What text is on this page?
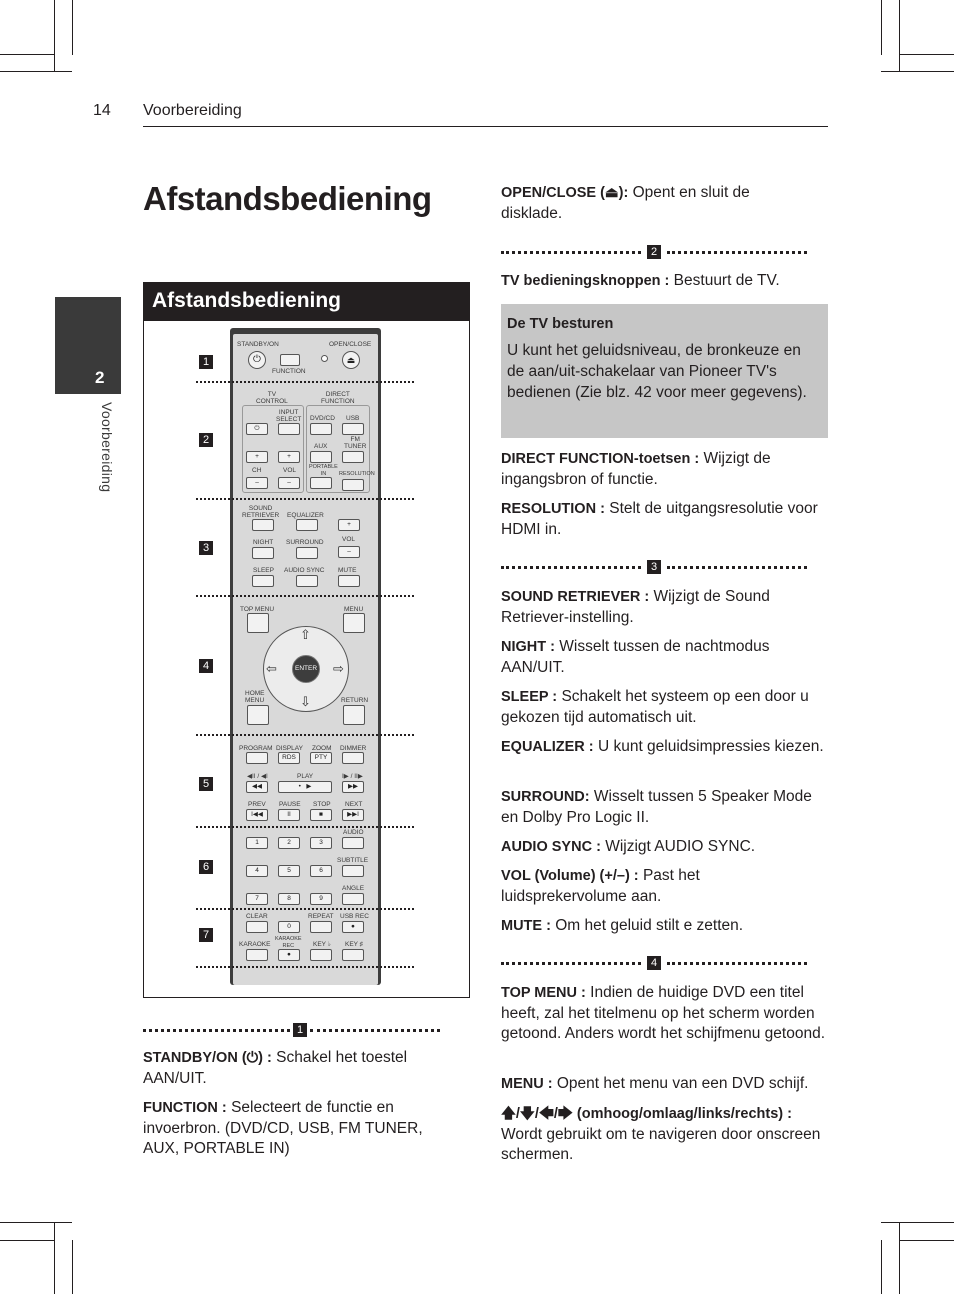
14 Voorbereiding
2
Voorbereiding
Afstandsbediening
Afstandsbediening
1
2
3
4
5
6
7
STANDBY/ON	OPEN/CLOSE
⏻
FUNCTION
⏏
TV
CONTROL
DIRECT
FUNCTION
⏻
INPUT
SELECT DVD/CD USB
AUX
FM
TUNER
+
CH
–
+
VOL
–
PORTABLE
IN	RESOLUTION
SOUND
RETRIEVER EQUALIZER
+
NIGHT SURROUND	VOL
–
SLEEP AUDIO SYNC MUTE
TOP MENU	MENU
ENTER
⇧
⇩
⇦	⇨
HOME
MENU	RETURN
PROGRAM DISPLAY
RDS
ZOOM
PTY
DIMMER
◀II / ◀I	PLAY	I▶ / II▶
◀◀	•   ▶	▶▶
PREV
I◀◀
PAUSE
II
STOP
■
NEXT
▶▶I
AUDIO
1	2	3
SUBTITLE
4	5	6
ANGLE
7	8	9
CLEAR
0
REPEAT USB REC
●
KARAOKE
KARAOKE
REC
●
KEY ♭ KEY ♯
1
STANDBY/ON (⏻) : Schakel het toestel AAN/UIT.
FUNCTION : Selecteert de functie en invoerbron. (DVD/CD, USB, FM TUNER, AUX, PORTABLE IN)
OPEN/CLOSE (⏏): Opent en sluit de disklade.
2
TV bedieningsknoppen : Bestuurt de TV.
De TV besturen
U kunt het geluidsniveau, de bronkeuze en de aan/uit-schakelaar van Pioneer TV's bedienen (Zie blz. 42 voor meer gegevens).
DIRECT FUNCTION-toetsen : Wijzigt de ingangsbron of functie.
RESOLUTION : Stelt de uitgangsresolutie voor HDMI in.
3
SOUND RETRIEVER : Wijzigt de Sound Retriever-instelling.
NIGHT : Wisselt tussen de nachtmodus AAN/UIT.
SLEEP : Schakelt het systeem op een door u gekozen tijd automatisch uit.
EQUALIZER : U kunt geluidsimpressies kiezen.
SURROUND: Wisselt tussen 5 Speaker Mode en Dolby Pro Logic II.
AUDIO SYNC : Wijzigt AUDIO SYNC.
VOL (Volume) (+/–) : Past het luidsprekervolume aan.
MUTE : Om het geluid stilt e zetten.
4
TOP MENU : Indien de huidige DVD een titel heeft, zal het titelmenu op het scherm worden getoond. Anders wordt het schijfmenu getoond.
MENU : Opent het menu van een DVD schijf.
🡅/🡇/🡄/🡆 (omhoog/omlaag/links/rechts) : Wordt gebruikt om te navigeren door onscreen schermen.
